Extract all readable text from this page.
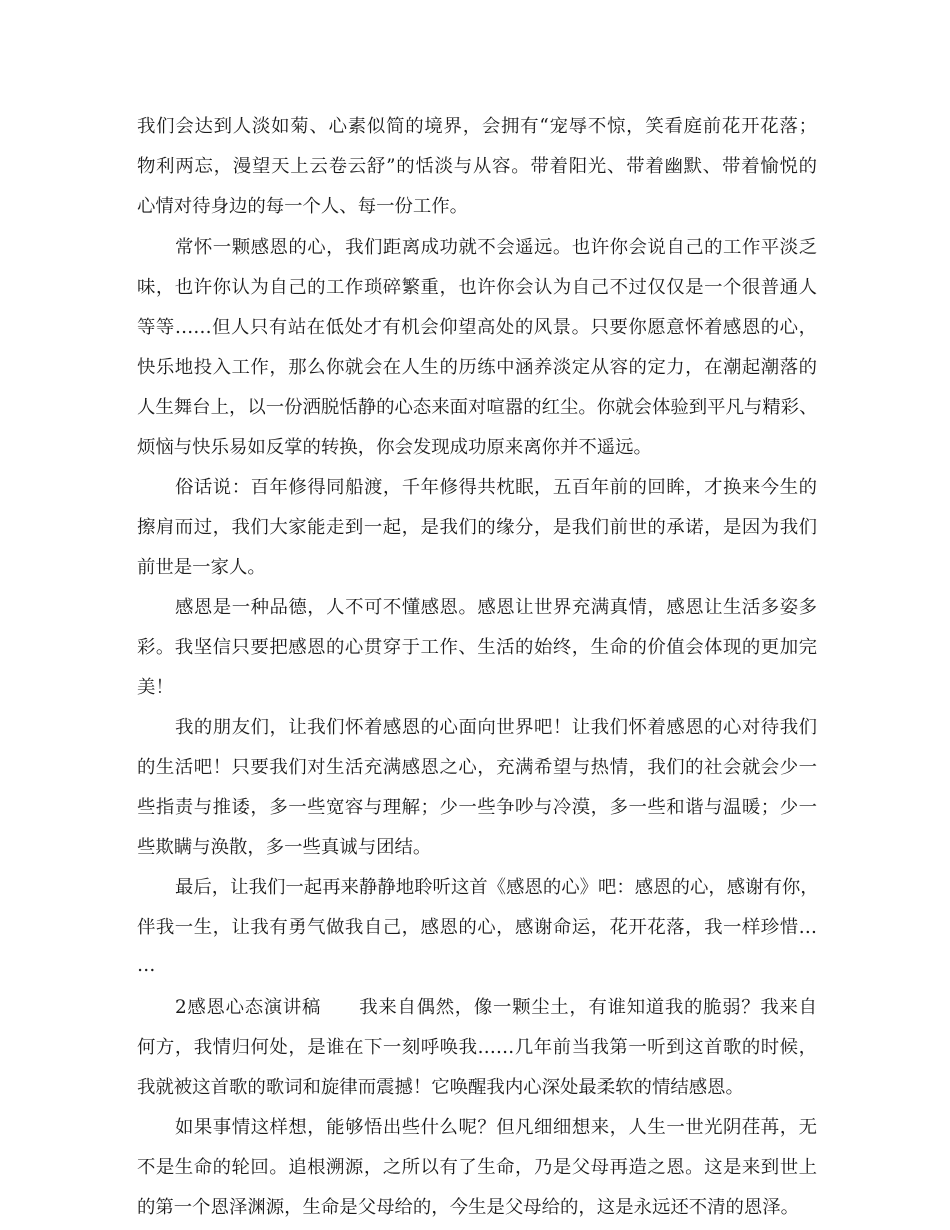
我们会达到人淡如菊、心素似简的境界，会拥有“宠辱不惊，笑看庭前花开花落；

物利两忘，漫望天上云卷云舒”的恬淡与从容。带着阳光、带着幽默、带着愉悦的

心情对待身边的每一个人、每一份工作。

常怀一颗感恩的心，我们距离成功就不会遥远。也许你会说自己的工作平淡乏

味，也许你认为自己的工作琐碎繁重，也许你会认为自己不过仅仅是一个很普通人

等等……但人只有站在低处才有机会仰望高处的风景。只要你愿意怀着感恩的心，

快乐地投入工作，那么你就会在人生的历练中涵养淡定从容的定力，在潮起潮落的

人生舞台上，以一份洒脱恬静的心态来面对喧嚣的红尘。你就会体验到平凡与精彩、

烦恼与快乐易如反掌的转换，你会发现成功原来离你并不遥远。

俗话说：百年修得同船渡，千年修得共枕眠，五百年前的回眸，才换来今生的

擦肩而过，我们大家能走到一起，是我们的缘分，是我们前世的承诺，是因为我们

前世是一家人。

感恩是一种品德，人不可不懂感恩。感恩让世界充满真情，感恩让生活多姿多

彩。我坚信只要把感恩的心贯穿于工作、生活的始终，生命的价值会体现的更加完

美！

我的朋友们，让我们怀着感恩的心面向世界吧！让我们怀着感恩的心对待我们

的生活吧！只要我们对生活充满感恩之心，充满希望与热情，我们的社会就会少一

些指责与推诿，多一些宽容与理解；少一些争吵与冷漠，多一些和谐与温暖；少一

些欺瞒与涣散，多一些真诚与团结。

最后，让我们一起再来静静地聆听这首《感恩的心》吧：感恩的心，感谢有你，

伴我一生，让我有勇气做我自己，感恩的心，感谢命运，花开花落，我一样珍惜…

…

2感恩心态演讲稿　　我来自偶然，像一颗尘土，有谁知道我的脆弱？我来自

何方，我情归何处，是谁在下一刻呼唤我……几年前当我第一听到这首歌的时候，

我就被这首歌的歌词和旋律而震撼！它唤醒我内心深处最柔软的情结感恩。

如果事情这样想，能够悟出些什么呢？但凡细细想来，人生一世光阴荏苒，无

不是生命的轮回。追根溯源，之所以有了生命，乃是父母再造之恩。这是来到世上

的第一个恩泽渊源，生命是父母给的，今生是父母给的，这是永远还不清的恩泽。
